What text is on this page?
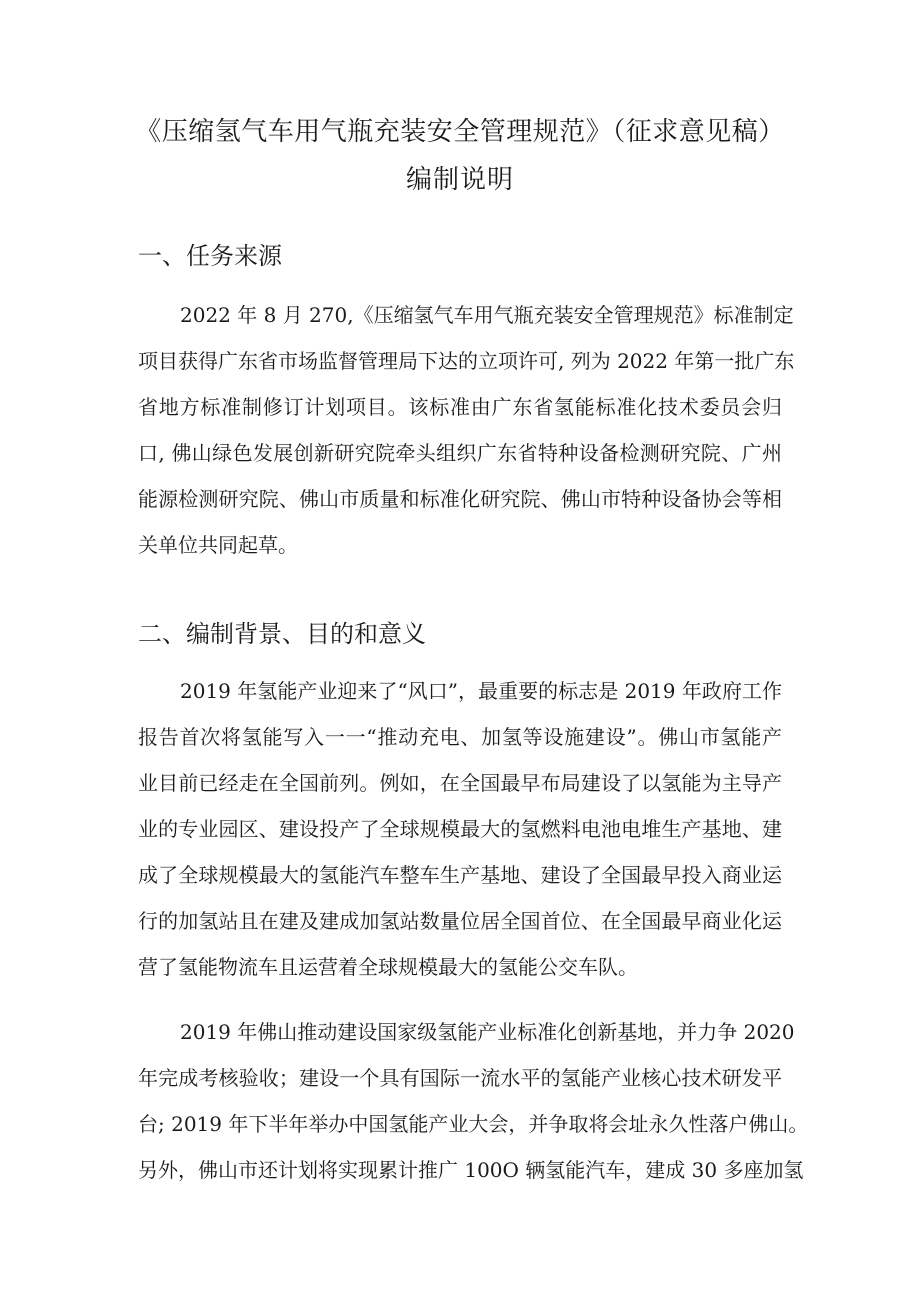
《压缩氢气车用气瓶充装安全管理规范》（征求意见稿）
编制说明
一、任务来源
2022 年 8 月 270,《压缩氢气车用气瓶充装安全管理规范》标准制定
项目获得广东省市场监督管理局下达的立项许可, 列为 2022 年第一批广东
省地方标准制修订计划项目。该标准由广东省氢能标准化技术委员会归
口, 佛山绿色发展创新研究院牵头组织广东省特种设备检测研究院、广州
能源检测研究院、佛山市质量和标准化研究院、佛山市特种设备协会等相
关单位共同起草。
二、编制背景、目的和意义
2019 年氢能产业迎来了“风口”，最重要的标志是 2019 年政府工作
报告首次将氢能写入一一“推动充电、加氢等设施建设”。佛山市氢能产
业目前已经走在全国前列。例如，在全国最早布局建设了以氢能为主导产
业的专业园区、建设投产了全球规模最大的氢燃料电池电堆生产基地、建
成了全球规模最大的氢能汽车整车生产基地、建设了全国最早投入商业运
行的加氢站且在建及建成加氢站数量位居全国首位、在全国最早商业化运
营了氢能物流车且运营着全球规模最大的氢能公交车队。
2019 年佛山推动建设国家级氢能产业标准化创新基地，并力争 2020
年完成考核验收；建设一个具有国际一流水平的氢能产业核心技术研发平
台; 2019 年下半年举办中国氢能产业大会，并争取将会址永久性落户佛山。
另外，佛山市还计划将实现累计推广 100O 辆氢能汽车，建成 30 多座加氢
